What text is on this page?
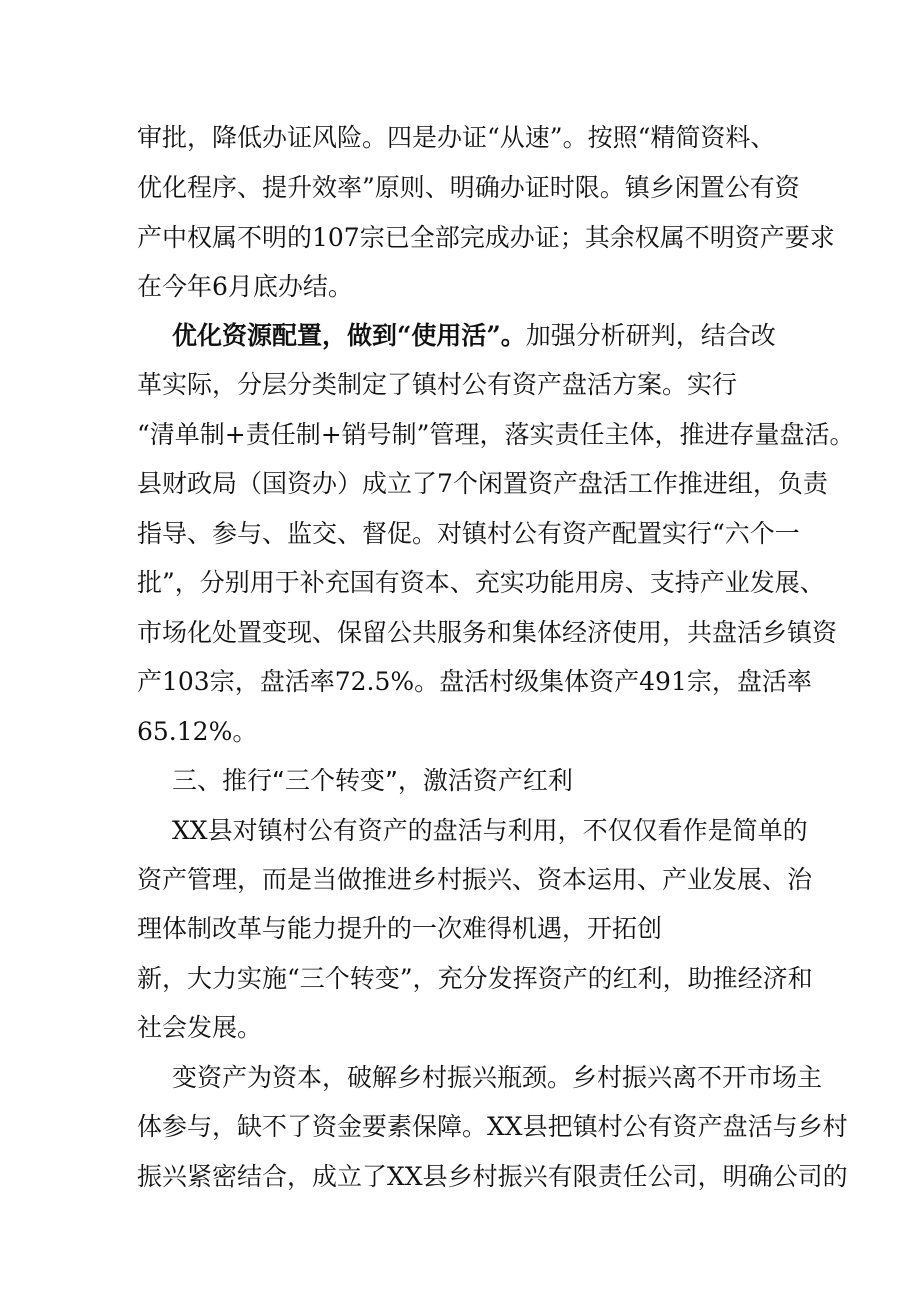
审批，降低办证风险。四是办证“从速”。按照“精简资料、
优化程序、提升效率”原则、明确办证时限。镇乡闲置公有资
产中权属不明的107宗已全部完成办证；其余权属不明资产要求
在今年6月底办结。
优化资源配置，做到“使用活”。加强分析研判，结合改
革实际，分层分类制定了镇村公有资产盘活方案。实行
“清单制+责任制+销号制”管理，落实责任主体，推进存量盘活。
县财政局（国资办）成立了7个闲置资产盘活工作推进组，负责
指导、参与、监交、督促。对镇村公有资产配置实行“六个一
批”，分别用于补充国有资本、充实功能用房、支持产业发展、
市场化处置变现、保留公共服务和集体经济使用，共盘活乡镇资
产103宗，盘活率72.5%。盘活村级集体资产491宗，盘活率
65.12%。
三、推行“三个转变”，激活资产红利
XX县对镇村公有资产的盘活与利用，不仅仅看作是简单的
资产管理，而是当做推进乡村振兴、资本运用、产业发展、治
理体制改革与能力提升的一次难得机遇，开拓创
新，大力实施“三个转变”，充分发挥资产的红利，助推经济和
社会发展。
变资产为资本，破解乡村振兴瓶颈。乡村振兴离不开市场主
体参与，缺不了资金要素保障。XX县把镇村公有资产盘活与乡村
振兴紧密结合，成立了XX县乡村振兴有限责任公司，明确公司的
